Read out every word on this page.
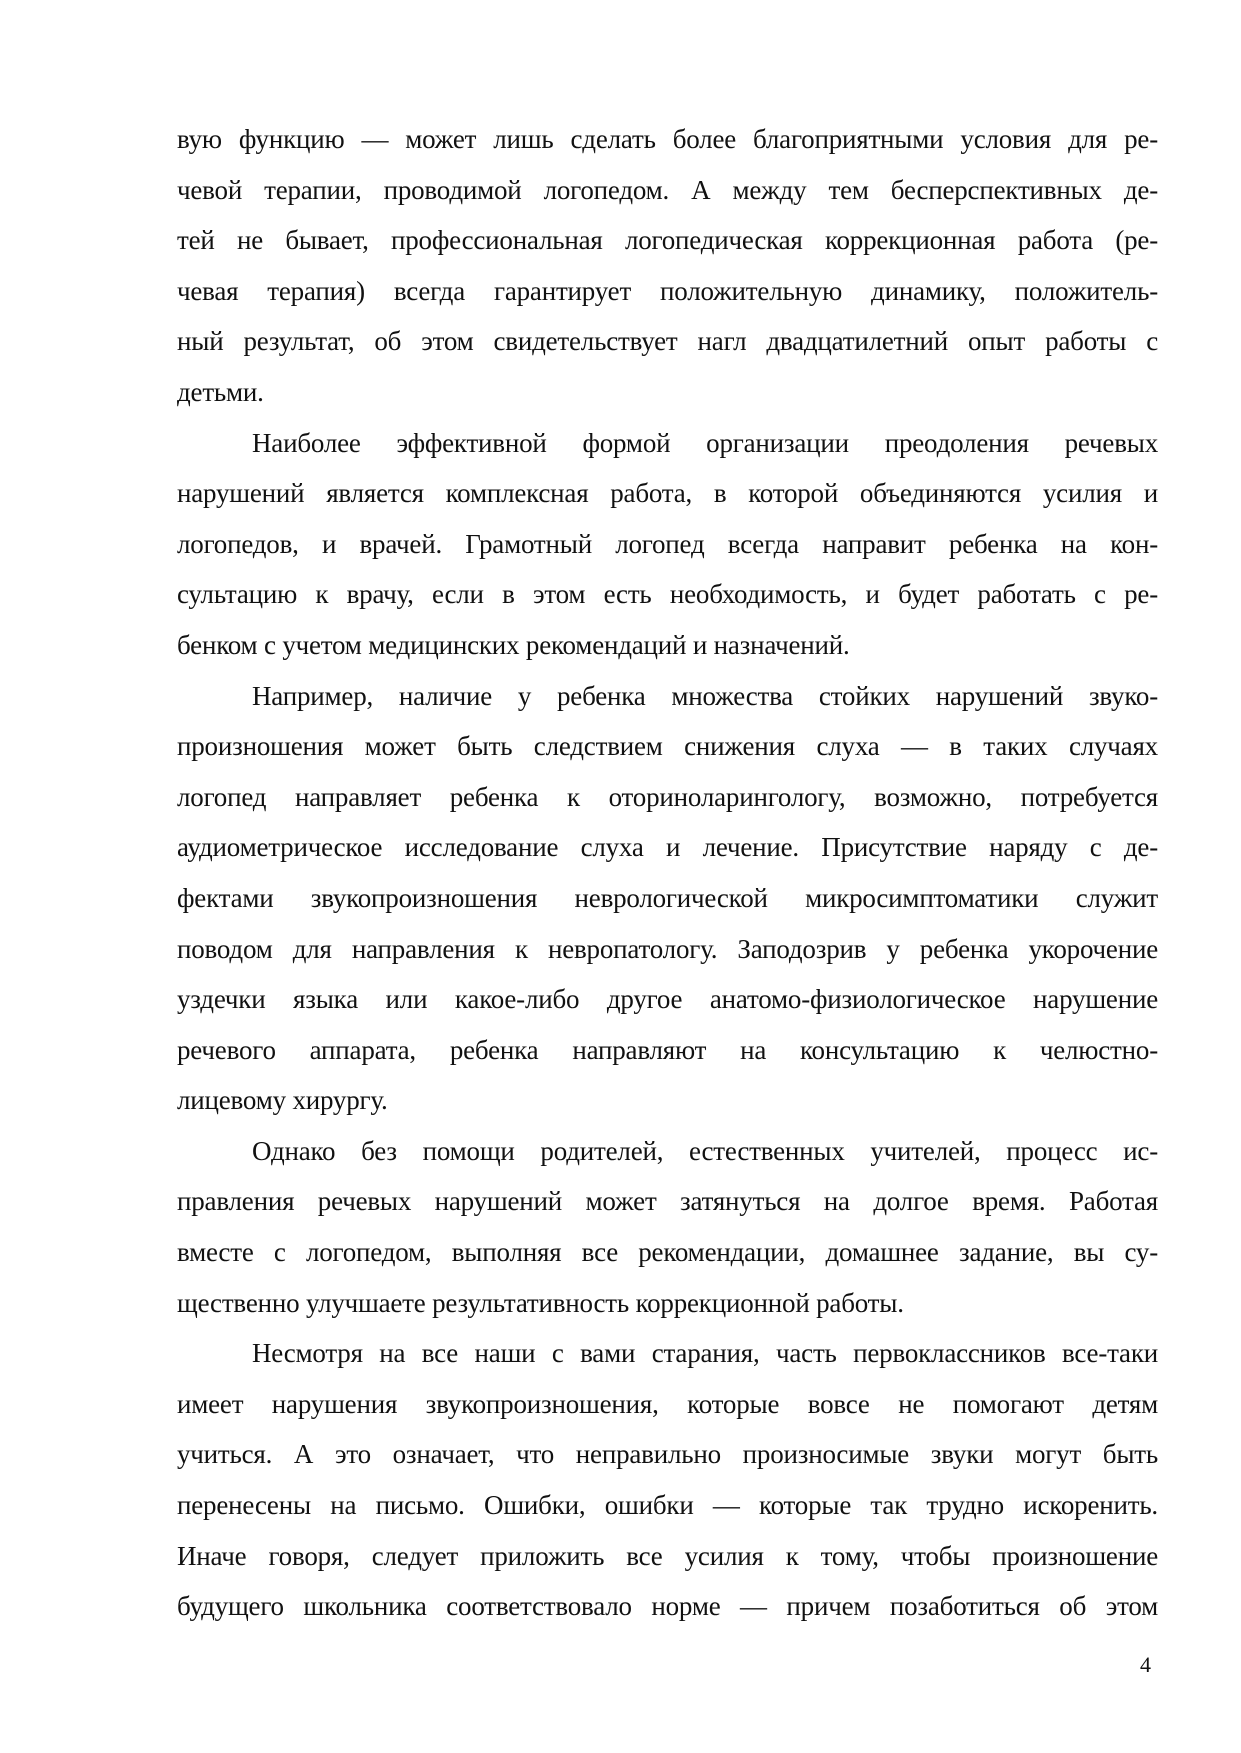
вую функцию — может лишь сделать более благоприятными условия для ре-
чевой терапии, проводимой логопедом. А между тем бесперспективных де-
тей не бывает, профессиональная логопедическая коррекционная работа (ре-
чевая терапия) всегда гарантирует положительную динамику, положитель-
ный результат, об этом свидетельствует нагл двадцатилетний опыт работы с
детьми.
Наиболее эффективной формой организации преодоления речевых
нарушений является комплексная работа, в которой объединяются усилия и
логопедов, и врачей. Грамотный логопед всегда направит ребенка на кон-
сультацию к врачу, если в этом есть необходимость, и будет работать с ре-
бенком с учетом медицинских рекомендаций и назначений.
Например, наличие у ребенка множества стойких нарушений звуко-
произношения может быть следствием снижения слуха — в таких случаях
логопед направляет ребенка к оториноларингологу, возможно, потребуется
аудиометрическое исследование слуха и лечение. Присутствие наряду с де-
фектами звукопроизношения неврологической микросимптоматики служит
поводом для направления к невропатологу. Заподозрив у ребенка укорочение
уздечки языка или какое-либо другое анатомо-физиологическое нарушение
речевого аппарата, ребенка направляют на консультацию к челюстно-
лицевому хирургу.
Однако без помощи родителей, естественных учителей, процесс ис-
правления речевых нарушений может затянуться на долгое время. Работая
вместе с логопедом, выполняя все рекомендации, домашнее задание, вы су-
щественно улучшаете результативность коррекционной работы.
Несмотря на все наши с вами старания, часть первоклассников все-таки
имеет нарушения звукопроизношения, которые вовсе не помогают детям
учиться. А это означает, что неправильно произносимые звуки могут быть
перенесены на письмо. Ошибки, ошибки — которые так трудно искоренить.
Иначе говоря, следует приложить все усилия к тому, чтобы произношение
будущего школьника соответствовало норме — причем позаботиться об этом
4
